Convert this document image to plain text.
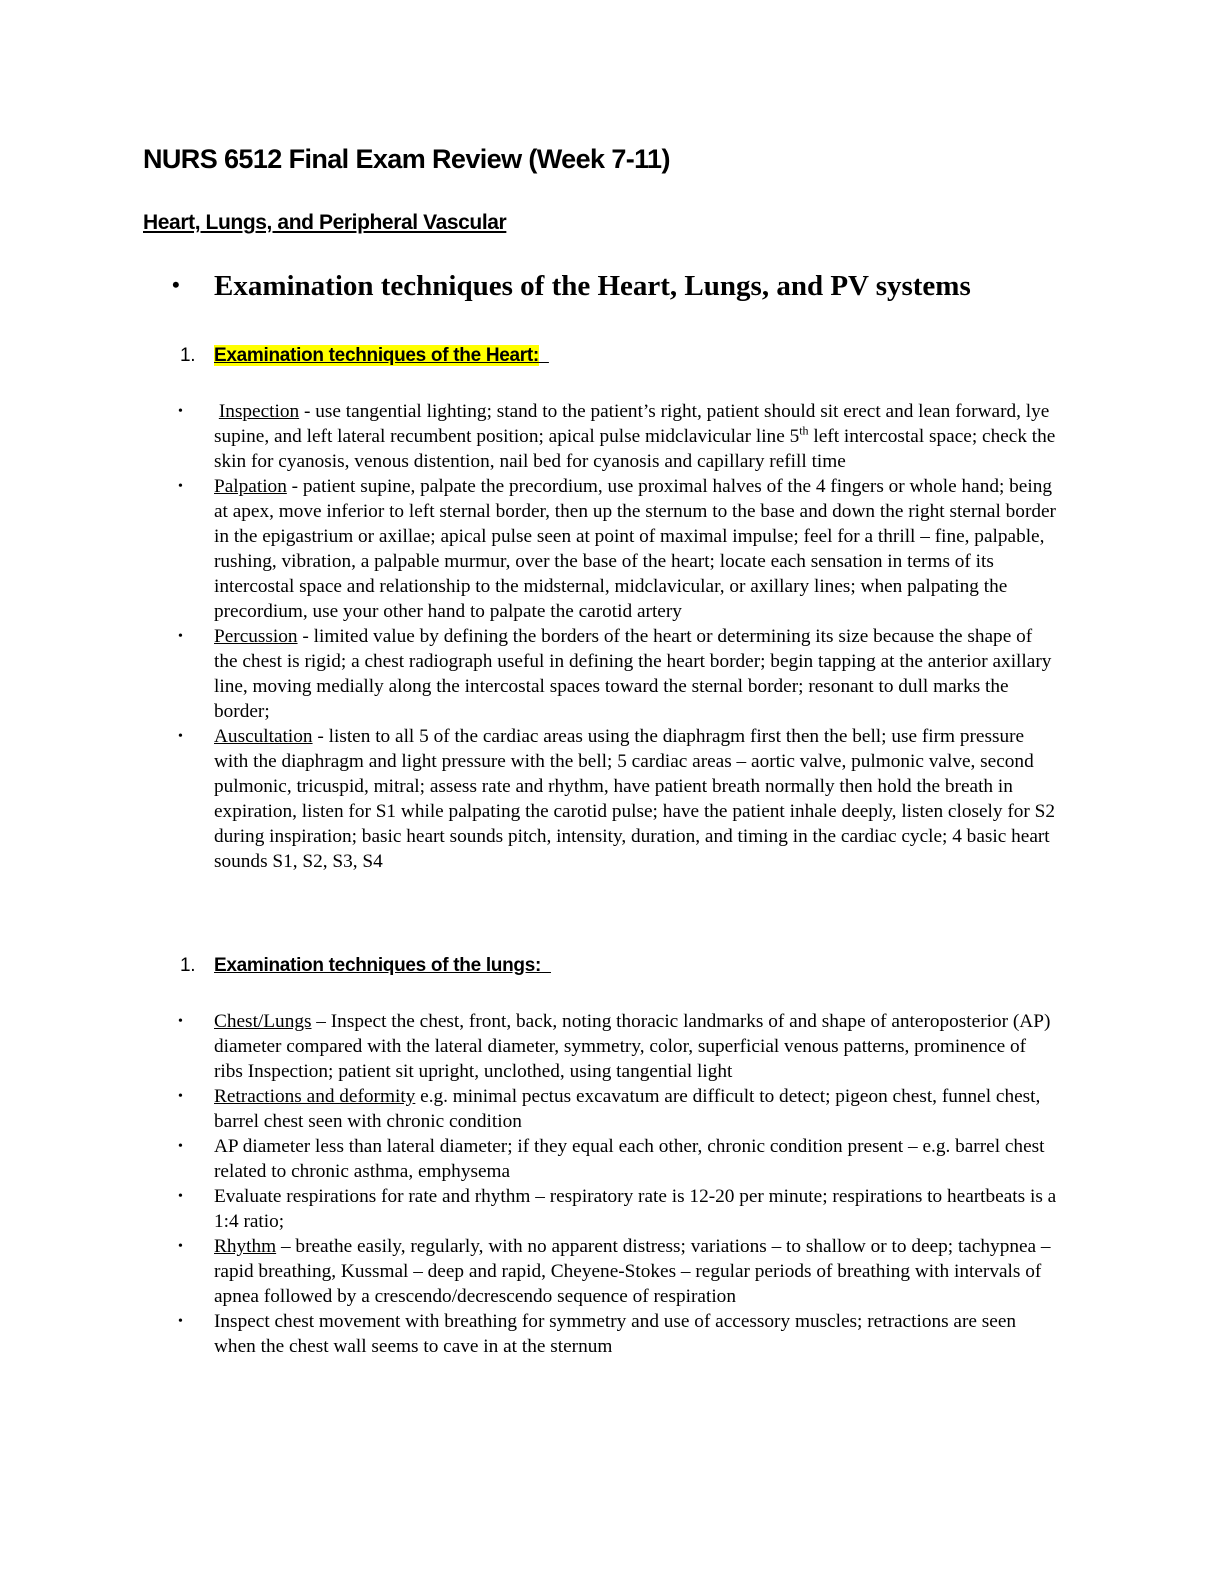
NURS 6512 Final Exam Review (Week 7-11)
Heart, Lungs, and Peripheral Vascular
• Examination techniques of the Heart, Lungs, and PV systems
1. Examination techniques of the Heart:
• Inspection - use tangential lighting; stand to the patient’s right, patient should sit erect and lean forward, lye supine, and left lateral recumbent position; apical pulse midclavicular line 5th left intercostal space; check the skin for cyanosis, venous distention, nail bed for cyanosis and capillary refill time
• Palpation - patient supine, palpate the precordium, use proximal halves of the 4 fingers or whole hand; being at apex, move inferior to left sternal border, then up the sternum to the base and down the right sternal border in the epigastrium or axillae; apical pulse seen at point of maximal impulse; feel for a thrill – fine, palpable, rushing, vibration, a palpable murmur, over the base of the heart; locate each sensation in terms of its intercostal space and relationship to the midsternal, midclavicular, or axillary lines; when palpating the precordium, use your other hand to palpate the carotid artery
• Percussion - limited value by defining the borders of the heart or determining its size because the shape of the chest is rigid; a chest radiograph useful in defining the heart border; begin tapping at the anterior axillary line, moving medially along the intercostal spaces toward the sternal border; resonant to dull marks the border;
• Auscultation - listen to all 5 of the cardiac areas using the diaphragm first then the bell; use firm pressure with the diaphragm and light pressure with the bell; 5 cardiac areas – aortic valve, pulmonic valve, second pulmonic, tricuspid, mitral; assess rate and rhythm, have patient breath normally then hold the breath in expiration, listen for S1 while palpating the carotid pulse; have the patient inhale deeply, listen closely for S2 during inspiration; basic heart sounds pitch, intensity, duration, and timing in the cardiac cycle; 4 basic heart sounds S1, S2, S3, S4
1. Examination techniques of the lungs:
• Chest/Lungs – Inspect the chest, front, back, noting thoracic landmarks of and shape of anteroposterior (AP) diameter compared with the lateral diameter, symmetry, color, superficial venous patterns, prominence of ribs Inspection; patient sit upright, unclothed, using tangential light
• Retractions and deformity e.g. minimal pectus excavatum are difficult to detect; pigeon chest, funnel chest, barrel chest seen with chronic condition
• AP diameter less than lateral diameter; if they equal each other, chronic condition present – e.g. barrel chest related to chronic asthma, emphysema
• Evaluate respirations for rate and rhythm – respiratory rate is 12-20 per minute; respirations to heartbeats is a 1:4 ratio;
• Rhythm – breathe easily, regularly, with no apparent distress; variations – to shallow or to deep; tachypnea – rapid breathing, Kussmal – deep and rapid, Cheyene-Stokes – regular periods of breathing with intervals of apnea followed by a crescendo/decrescendo sequence of respiration
• Inspect chest movement with breathing for symmetry and use of accessory muscles; retractions are seen when the chest wall seems to cave in at the sternum
